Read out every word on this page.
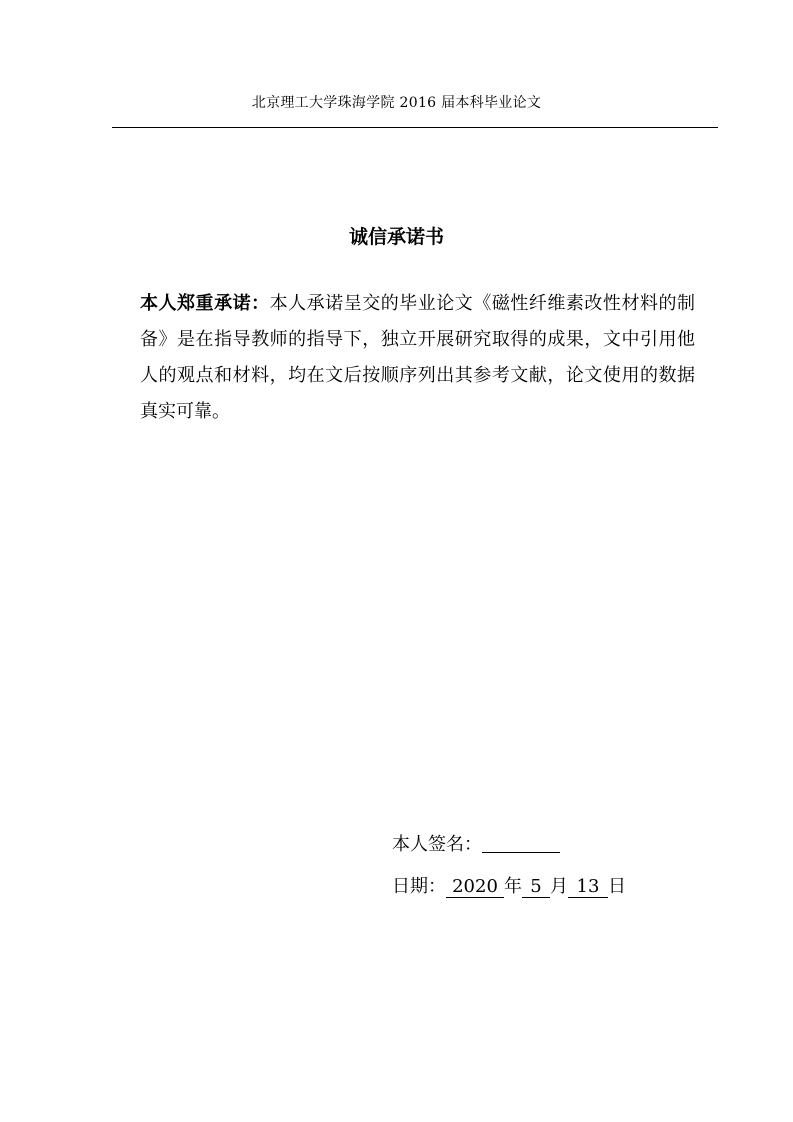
北京理工大学珠海学院 2016 届本科毕业论文
诚信承诺书

本人郑重承诺：本人承诺呈交的毕业论文《磁性纤维素改性材料的制备》是在指导教师的指导下，独立开展研究取得的成果，文中引用他人的观点和材料，均在文后按顺序列出其参考文献，论文使用的数据真实可靠。

本人签名：
日期： 2020 年 5 月 13 日
